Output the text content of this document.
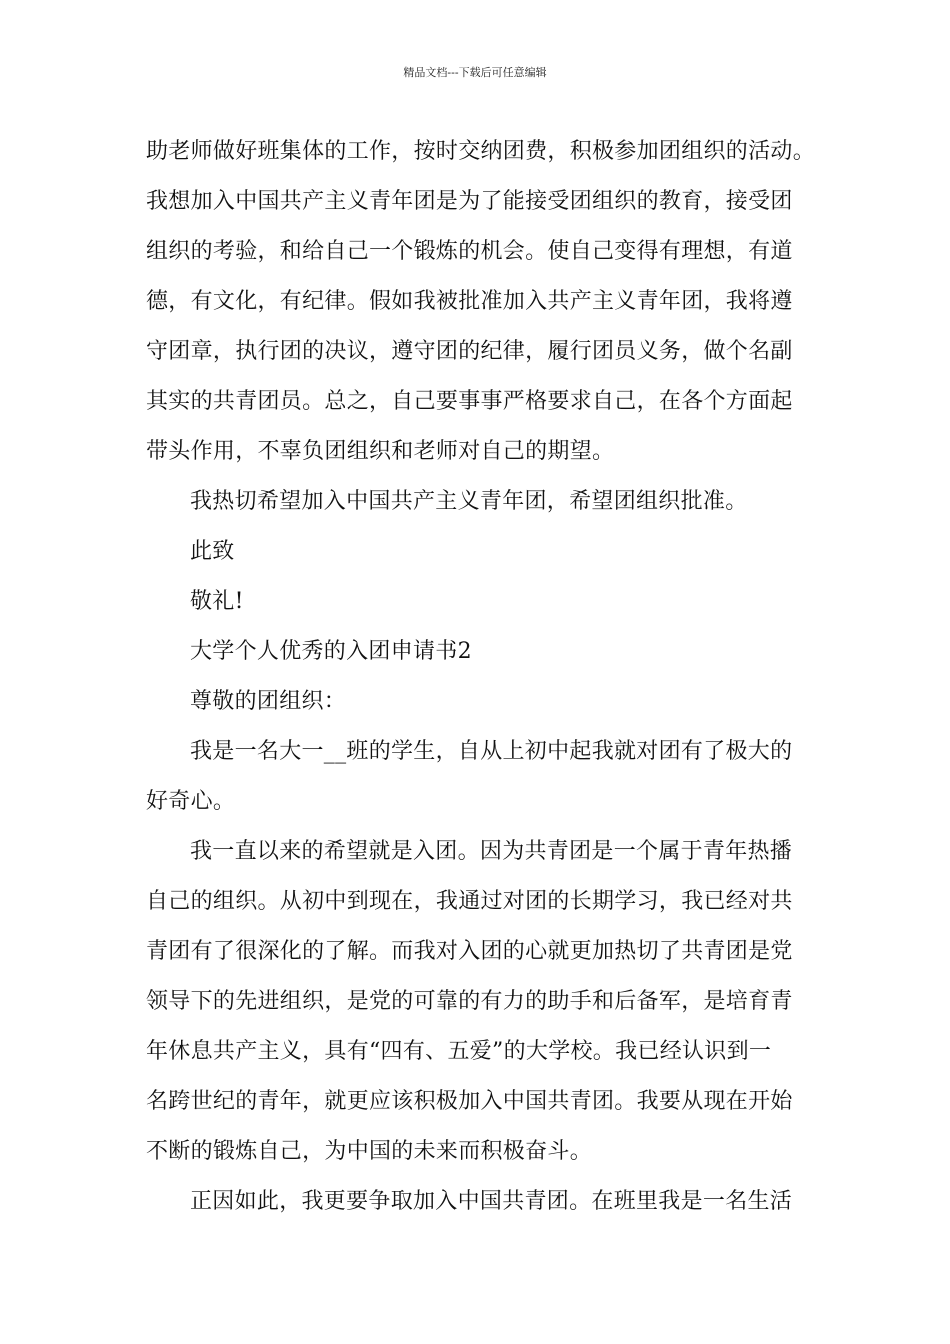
精品文档---下载后可任意编辑
助老师做好班集体的工作，按时交纳团费，积极参加团组织的活动。
我想加入中国共产主义青年团是为了能接受团组织的教育，接受团
组织的考验，和给自己一个锻炼的机会。使自己变得有理想，有道
德，有文化，有纪律。假如我被批准加入共产主义青年团，我将遵
守团章，执行团的决议，遵守团的纪律，履行团员义务，做个名副
其实的共青团员。总之，自己要事事严格要求自己，在各个方面起
带头作用，不辜负团组织和老师对自己的期望。
我热切希望加入中国共产主义青年团，希望团组织批准。
此致
敬礼!
大学个人优秀的入团申请书2
尊敬的团组织：
我是一名大一__班的学生，自从上初中起我就对团有了极大的
好奇心。
我一直以来的希望就是入团。因为共青团是一个属于青年热播
自己的组织。从初中到现在，我通过对团的长期学习，我已经对共
青团有了很深化的了解。而我对入团的心就更加热切了共青团是党
领导下的先进组织，是党的可靠的有力的助手和后备军，是培育青
年休息共产主义，具有“四有、五爱”的大学校。我已经认识到一
名跨世纪的青年，就更应该积极加入中国共青团。我要从现在开始
不断的锻炼自己，为中国的未来而积极奋斗。
正因如此，我更要争取加入中国共青团。在班里我是一名生活
